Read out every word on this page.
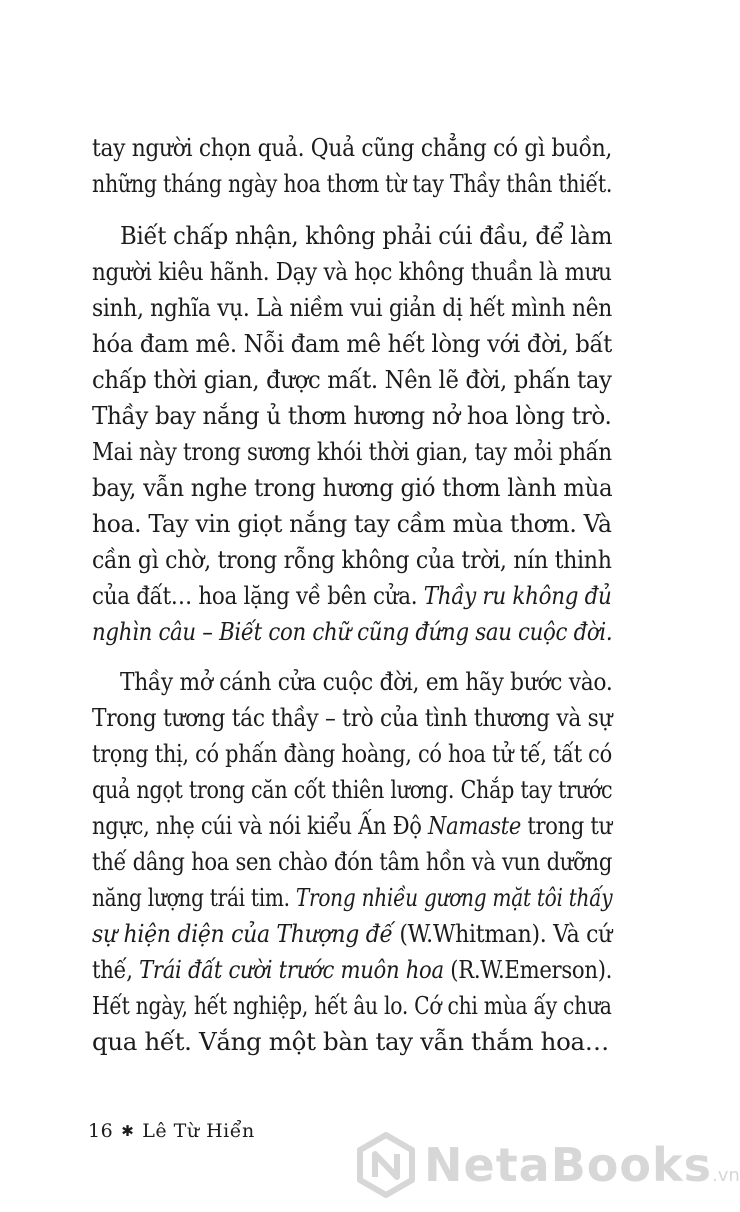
tay người chọn quả. Quả cũng chẳng có gì buồn,
những tháng ngày hoa thơm từ tay Thầy thân thiết.
Biết chấp nhận, không phải cúi đầu, để làm
người kiêu hãnh. Dạy và học không thuần là mưu
sinh, nghĩa vụ. Là niềm vui giản dị hết mình nên
hóa đam mê. Nỗi đam mê hết lòng với đời, bất
chấp thời gian, được mất. Nên lẽ đời, phấn tay
Thầy bay nắng ủ thơm hương nở hoa lòng trò.
Mai này trong sương khói thời gian, tay mỏi phấn
bay, vẫn nghe trong hương gió thơm lành mùa
hoa. Tay vin giọt nắng tay cầm mùa thơm. Và
cần gì chờ, trong rỗng không của trời, nín thinh
của đất… hoa lặng về bên cửa. Thầy ru không đủ
nghìn câu – Biết con chữ cũng đứng sau cuộc đời.
Thầy mở cánh cửa cuộc đời, em hãy bước vào.
Trong tương tác thầy – trò của tình thương và sự
trọng thị, có phấn đàng hoàng, có hoa tử tế, tất có
quả ngọt trong căn cốt thiên lương. Chắp tay trước
ngực, nhẹ cúi và nói kiểu Ấn Độ Namaste trong tư
thế dâng hoa sen chào đón tâm hồn và vun dưỡng
năng lượng trái tim. Trong nhiều gương mặt tôi thấy
sự hiện diện của Thượng đế (W.Whitman). Và cứ
thế, Trái đất cười trước muôn hoa (R.W.Emerson).
Hết ngày, hết nghiệp, hết âu lo. Cớ chi mùa ấy chưa
qua hết. Vắng một bàn tay vẫn thắm hoa…
16 ✱ Lê Từ Hiển
NetaBooks.vn
